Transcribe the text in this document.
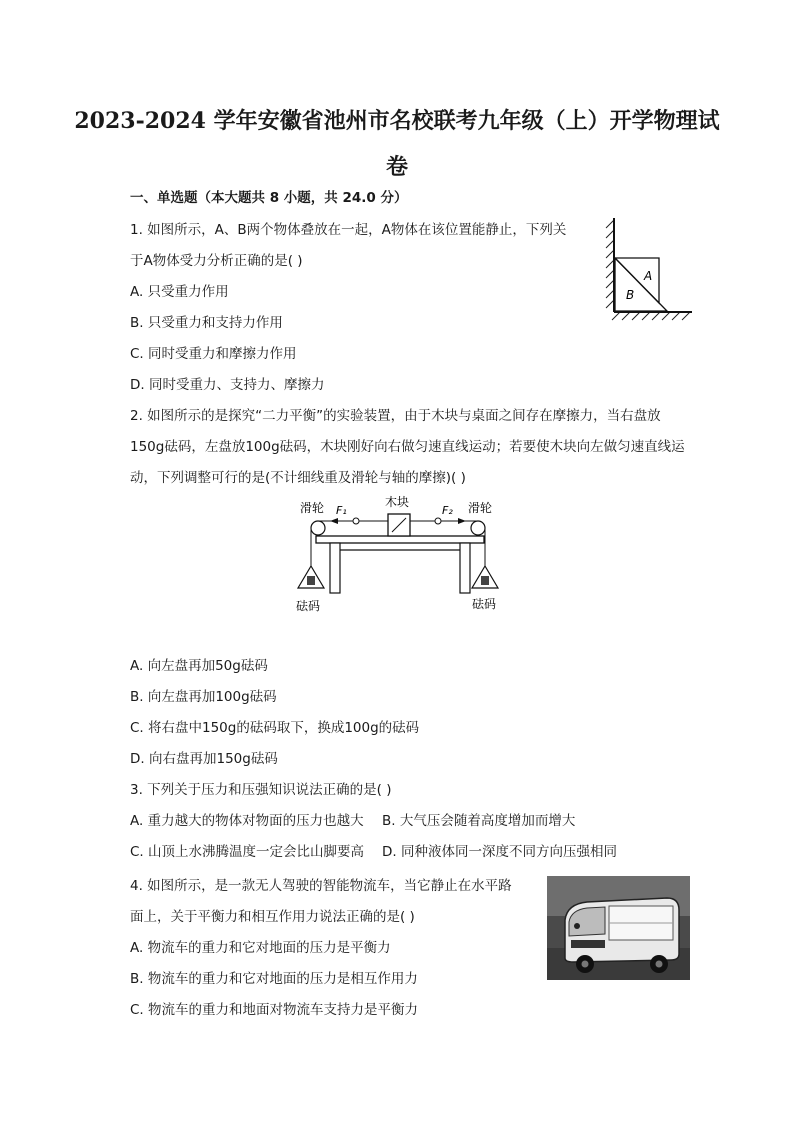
2023-2024 学年安徽省池州市名校联考九年级（上）开学物理试
卷
一、单选题（本大题共 8 小题，共 24.0 分）
1. 如图所示，A、B两个物体叠放在一起，A物体在该位置能静止，下列关
于A物体受力分析正确的是( )
A. 只受重力作用
B. 只受重力和支持力作用
C. 同时受重力和摩擦力作用
D. 同时受重力、支持力、摩擦力
A
B
2. 如图所示的是探究“二力平衡”的实验装置，由于木块与桌面之间存在摩擦力，当右盘放
150g砝码，左盘放100g砝码，木块刚好向右做匀速直线运动；若要使木块向左做匀速直线运
动，下列调整可行的是(不计细线重及滑轮与轴的摩擦)( )
滑轮	滑轮
木块
F₁	F₂
砝码	砝码
A. 向左盘再加50g砝码
B. 向左盘再加100g砝码
C. 将右盘中150g的砝码取下，换成100g的砝码
D. 向右盘再加150g砝码
3. 下列关于压力和压强知识说法正确的是( )
A. 重力越大的物体对物面的压力也越大 B. 大气压会随着高度增加而增大
C. 山顶上水沸腾温度一定会比山脚要高 D. 同种液体同一深度不同方向压强相同
4. 如图所示，是一款无人驾驶的智能物流车，当它静止在水平路
面上，关于平衡力和相互作用力说法正确的是( )
A. 物流车的重力和它对地面的压力是平衡力
B. 物流车的重力和它对地面的压力是相互作用力
C. 物流车的重力和地面对物流车支持力是平衡力
